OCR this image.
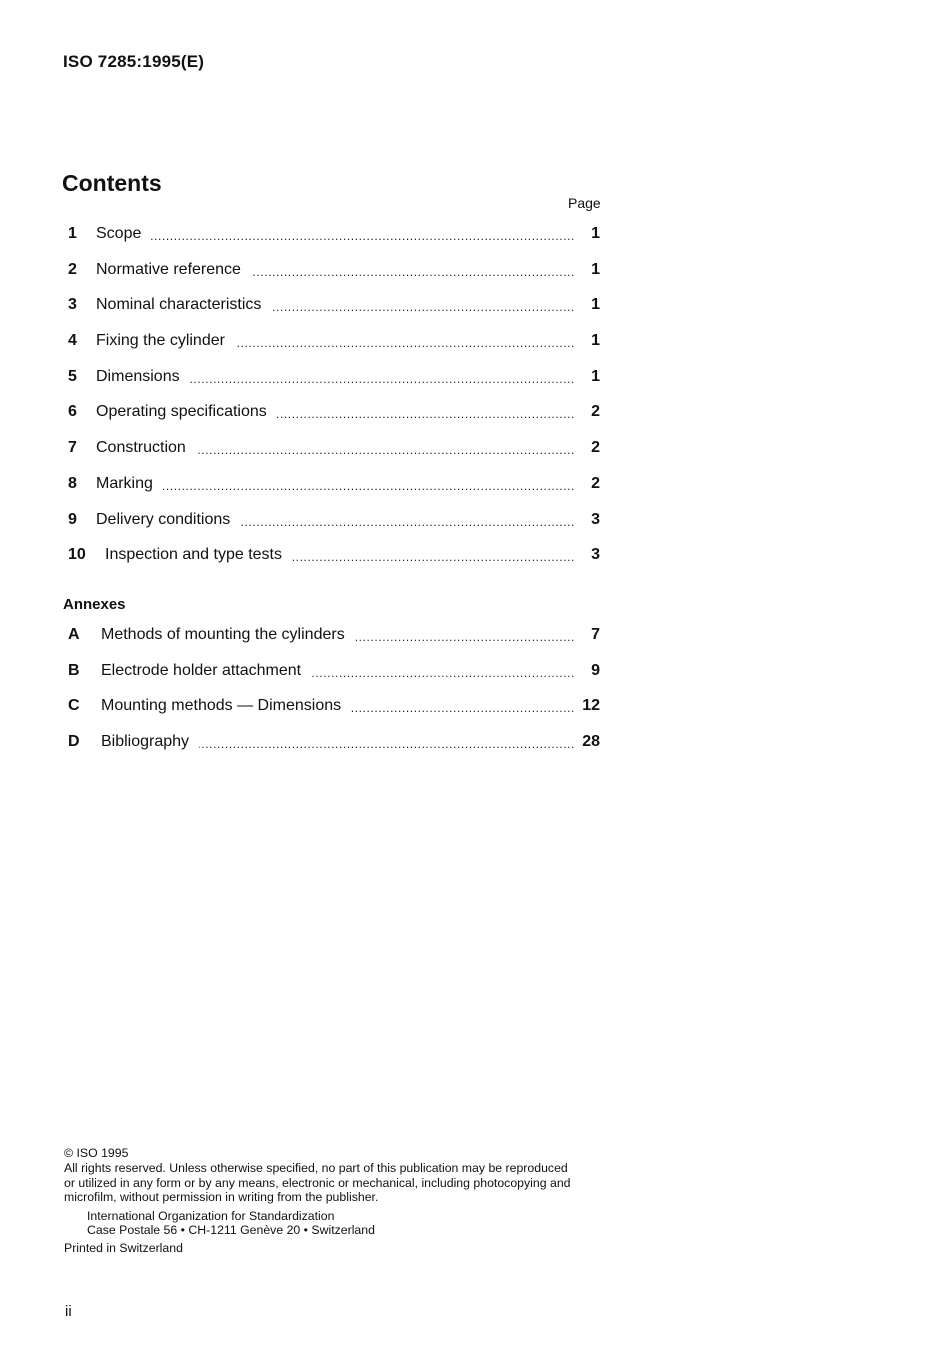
ISO 7285:1995(E)
Contents
Page
1	Scope .....	1
2	Normative reference .....	1
3	Nominal characteristics .....	1
4	Fixing the cylinder .....	1
5	Dimensions .....	1
6	Operating specifications .....	2
7	Construction .....	2
8	Marking .....	2
9	Delivery conditions .....	3
10	Inspection and type tests .....	3
Annexes
A	Methods of mounting the cylinders .....	7
B	Electrode holder attachment .....	9
C	Mounting methods — Dimensions .....	12
D	Bibliography .....	28
© ISO 1995
All rights reserved. Unless otherwise specified, no part of this publication may be reproduced
or utilized in any form or by any means, electronic or mechanical, including photocopying and
microfilm, without permission in writing from the publisher.
International Organization for Standardization
Case Postale 56 • CH-1211 Genève 20 • Switzerland
Printed in Switzerland
ii
